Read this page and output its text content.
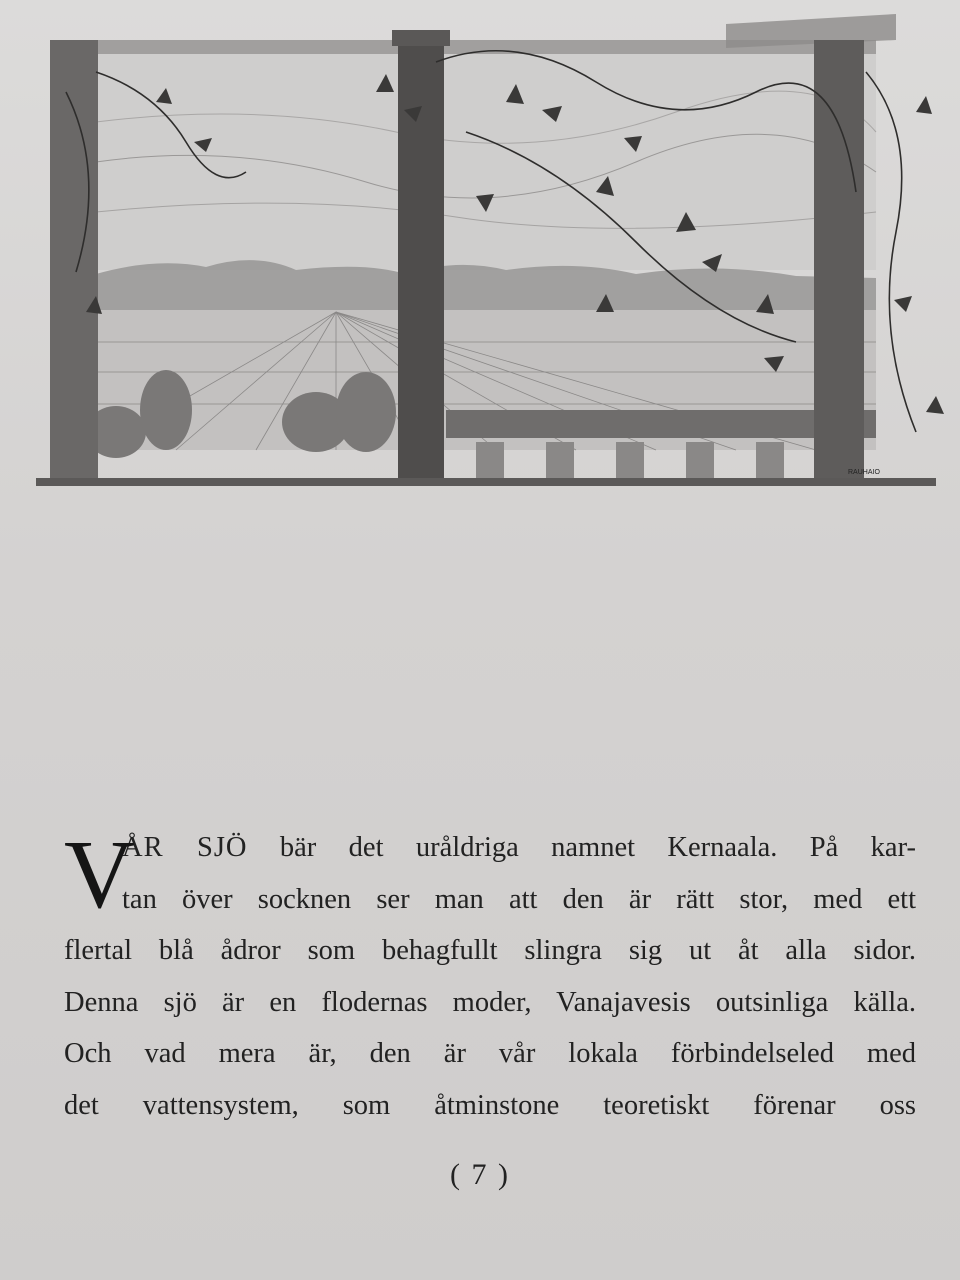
RAUHAIO
V
ÅR SJÖ bär det uråldriga namnet Kernaala. På kar-
tan över socknen ser man att den är rätt stor, med ett
flertal blå ådror som behagfullt slingra sig ut åt alla sidor.
Denna sjö är en flodernas moder, Vanajavesis outsinliga källa.
Och vad mera är, den är vår lokala förbindelseled med
det vattensystem, som åtminstone teoretiskt förenar oss
( 7 )
